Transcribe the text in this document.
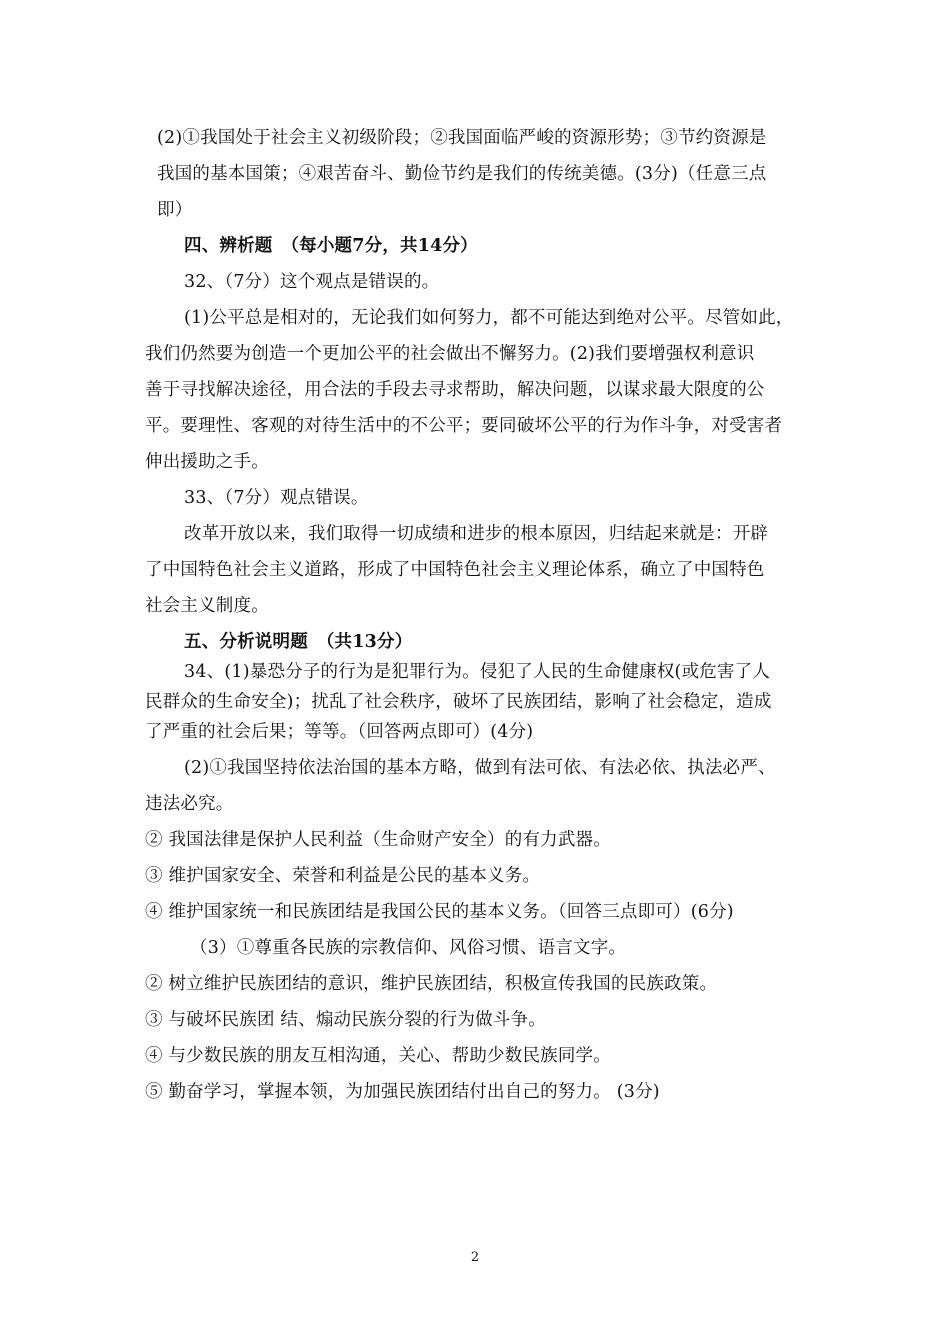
(2)①我国处于社会主义初级阶段；②我国面临严峻的资源形势；③节约资源是
我国的基本国策；④艰苦奋斗、勤俭节约是我们的传统美德。(3分)（任意三点
即）
四、辨析题　（每小题7分，共14分）
32、（7分）这个观点是错误的。
(1)公平总是相对的，无论我们如何努力，都不可能达到绝对公平。尽管如此，
我们仍然要为创造一个更加公平的社会做出不懈努力。(2)我们要增强权利意识
善于寻找解决途径，用合法的手段去寻求帮助，解决问题，以谋求最大限度的公
平。要理性、客观的对待生活中的不公平；要同破坏公平的行为作斗争，对受害者
伸出援助之手。
33、（7分）观点错误。
改革开放以来，我们取得一切成绩和进步的根本原因，归结起来就是：开辟
了中国特色社会主义道路，形成了中国特色社会主义理论体系，确立了中国特色
社会主义制度。
五、分析说明题　（共13分）
34、(1)暴恐分子的行为是犯罪行为。侵犯了人民的生命健康权(或危害了人
民群众的生命安全)；扰乱了社会秩序，破坏了民族团结，影响了社会稳定，造成
了严重的社会后果；等等。（回答两点即可）(4分)
(2)①我国坚持依法治国的基本方略，做到有法可依、有法必依、执法必严、
违法必究。
② 我国法律是保护人民利益（生命财产安全）的有力武器。
③ 维护国家安全、荣誉和利益是公民的基本义务。
④ 维护国家统一和民族团结是我国公民的基本义务。（回答三点即可）(6分)
（3）①尊重各民族的宗教信仰、风俗习惯、语言文字。
② 树立维护民族团结的意识，维护民族团结，积极宣传我国的民族政策。
③ 与破坏民族团 结、煽动民族分裂的行为做斗争。
④ 与少数民族的朋友互相沟通，关心、帮助少数民族同学。
⑤ 勤奋学习，掌握本领，为加强民族团结付出自己的努力。 (3分)
2
